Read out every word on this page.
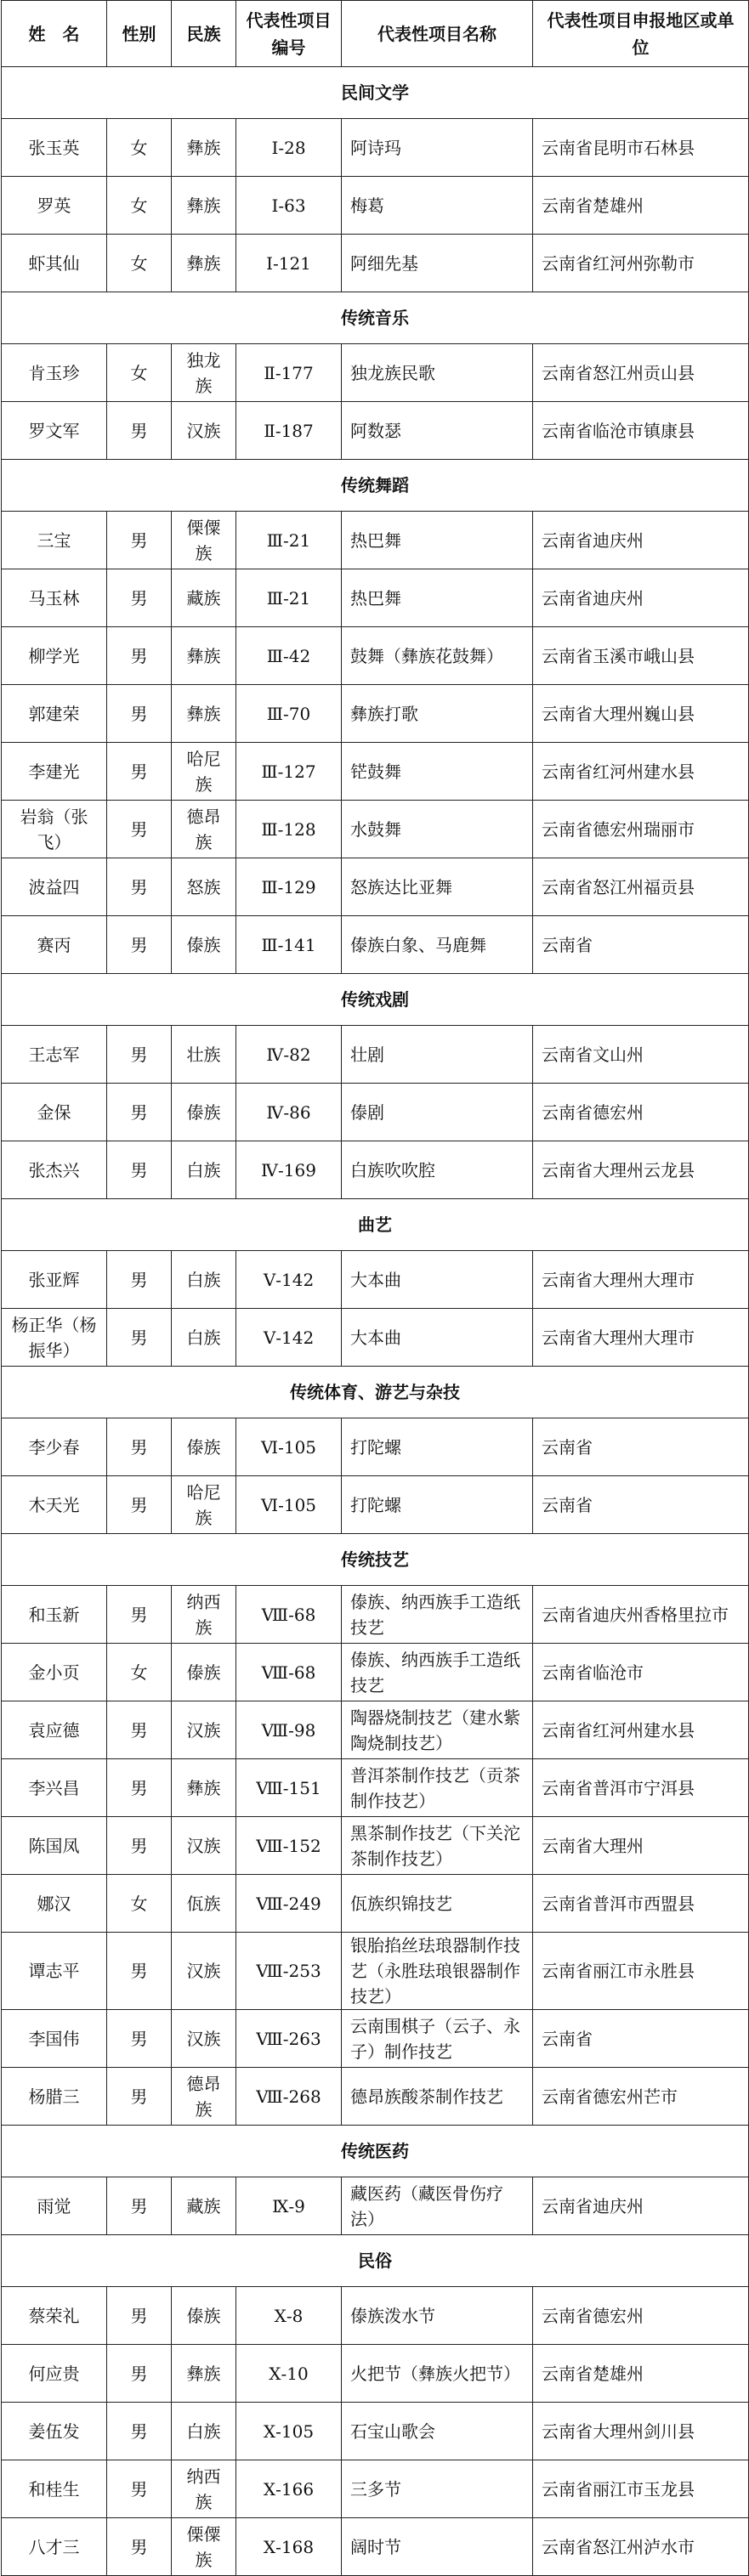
姓　名	性别	民族	代表性项目编号	代表性项目名称	代表性项目申报地区或单位
民间文学					
张玉英	女	彝族	Ⅰ-28	阿诗玛	云南省昆明市石林县
罗英	女	彝族	Ⅰ-63	梅葛	云南省楚雄州
虾其仙	女	彝族	Ⅰ-121	阿细先基	云南省红河州弥勒市
传统音乐					
肯玉珍	女	独龙族	Ⅱ-177	独龙族民歌	云南省怒江州贡山县
罗文军	男	汉族	Ⅱ-187	阿数瑟	云南省临沧市镇康县
传统舞蹈					
三宝	男	傈僳族	Ⅲ-21	热巴舞	云南省迪庆州
马玉林	男	藏族	Ⅲ-21	热巴舞	云南省迪庆州
柳学光	男	彝族	Ⅲ-42	鼓舞（彝族花鼓舞）	云南省玉溪市峨山县
郭建荣	男	彝族	Ⅲ-70	彝族打歌	云南省大理州巍山县
李建光	男	哈尼族	Ⅲ-127	铓鼓舞	云南省红河州建水县
岩翁（张飞）	男	德昂族	Ⅲ-128	水鼓舞	云南省德宏州瑞丽市
波益四	男	怒族	Ⅲ-129	怒族达比亚舞	云南省怒江州福贡县
赛丙	男	傣族	Ⅲ-141	傣族白象、马鹿舞	云南省
传统戏剧					
王志军	男	壮族	Ⅳ-82	壮剧	云南省文山州
金保	男	傣族	Ⅳ-86	傣剧	云南省德宏州
张杰兴	男	白族	Ⅳ-169	白族吹吹腔	云南省大理州云龙县
曲艺					
张亚辉	男	白族	Ⅴ-142	大本曲	云南省大理州大理市
杨正华（杨振华）	男	白族	Ⅴ-142	大本曲	云南省大理州大理市
传统体育、游艺与杂技					
李少春	男	傣族	Ⅵ-105	打陀螺	云南省
木天光	男	哈尼族	Ⅵ-105	打陀螺	云南省
传统技艺					
和玉新	男	纳西族	Ⅷ-68	傣族、纳西族手工造纸技艺	云南省迪庆州香格里拉市
金小页	女	傣族	Ⅷ-68	傣族、纳西族手工造纸技艺	云南省临沧市
袁应德	男	汉族	Ⅷ-98	陶器烧制技艺（建水紫陶烧制技艺）	云南省红河州建水县
李兴昌	男	彝族	Ⅷ-151	普洱茶制作技艺（贡茶制作技艺）	云南省普洱市宁洱县
陈国凤	男	汉族	Ⅷ-152	黑茶制作技艺（下关沱茶制作技艺）	云南省大理州
娜汉	女	佤族	Ⅷ-249	佤族织锦技艺	云南省普洱市西盟县
谭志平	男	汉族	Ⅷ-253	银胎掐丝珐琅器制作技艺（永胜珐琅银器制作技艺）	云南省丽江市永胜县
李国伟	男	汉族	Ⅷ-263	云南围棋子（云子、永子）制作技艺	云南省
杨腊三	男	德昂族	Ⅷ-268	德昂族酸茶制作技艺	云南省德宏州芒市
传统医药					
雨觉	男	藏族	Ⅸ-9	藏医药（藏医骨伤疗法）	云南省迪庆州
民俗					
蔡荣礼	男	傣族	Ⅹ-8	傣族泼水节	云南省德宏州
何应贵	男	彝族	Ⅹ-10	火把节（彝族火把节）	云南省楚雄州
姜伍发	男	白族	Ⅹ-105	石宝山歌会	云南省大理州剑川县
和桂生	男	纳西族	Ⅹ-166	三多节	云南省丽江市玉龙县
八才三	男	傈僳族	Ⅹ-168	阔时节	云南省怒江州泸水市
